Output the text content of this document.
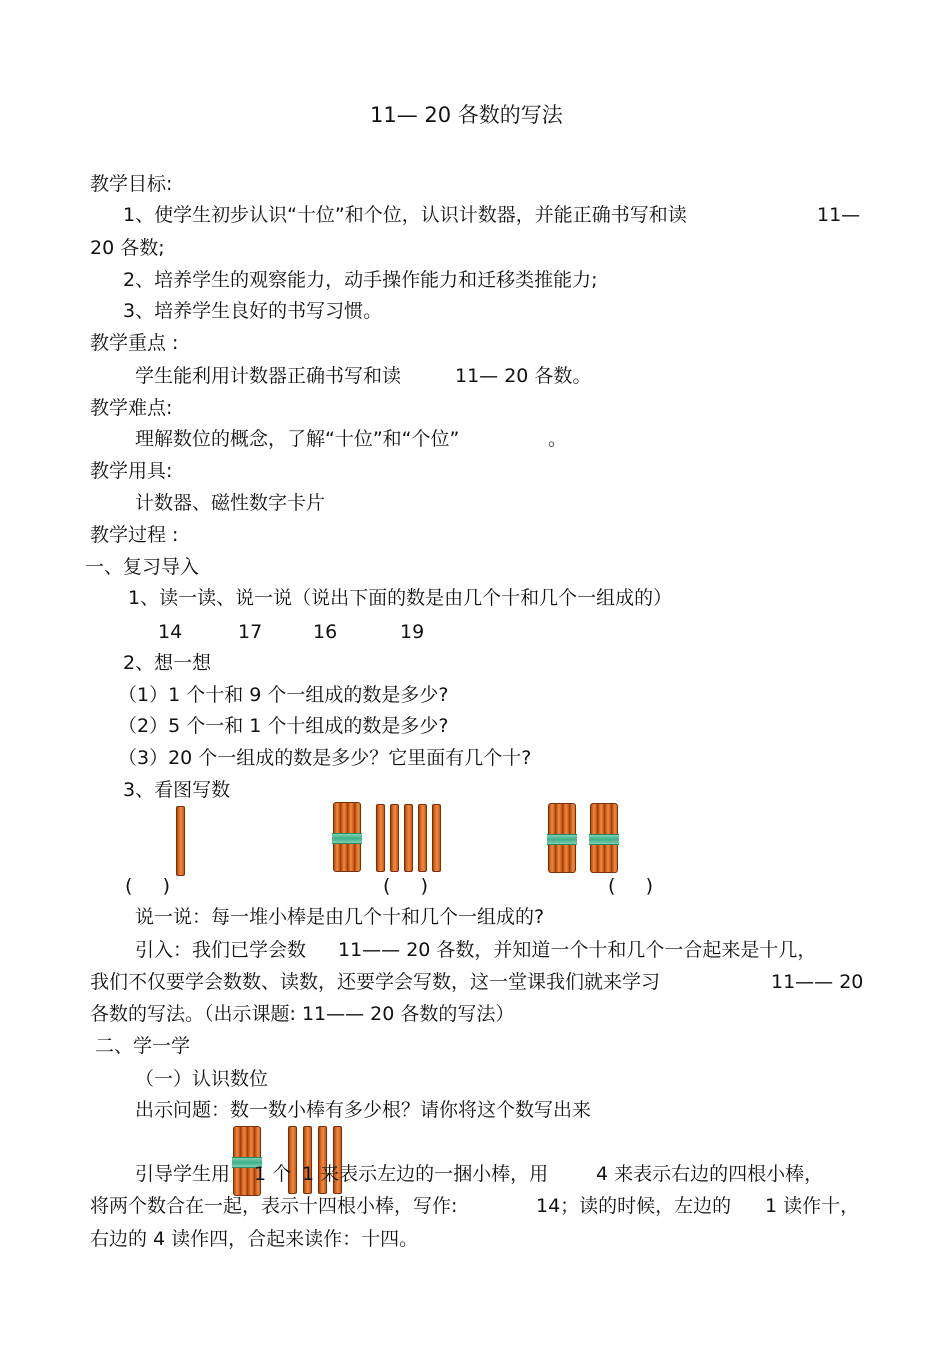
11— 20 各数的写法
教学目标:
1、使学生初步认识“十位”和个位，认识计数器，并能正确书写和读	11—
20 各数;
2、培养学生的观察能力，动手操作能力和迁移类推能力;
3、培养学生良好的书写习惯。
教学重点 :
学生能利用计数器正确书写和读	11— 20 各数。
教学难点:
理解数位的概念，了解“十位”和“个位”	。
教学用具:
计数器、磁性数字卡片
教学过程 :
一、复习导入
1、读一读、说一说（说出下面的数是由几个十和几个一组成的）
14	17	16	19
2、想一想
（1）1 个十和 9 个一组成的数是多少?
（2）5 个一和 1 个十组成的数是多少?
（3）20 个一组成的数是多少？它里面有几个十?
3、看图写数
(     )	(     )	(     )
说一说：每一堆小棒是由几个十和几个一组成的?
引入：我们已学会数 11—— 20 各数，并知道一个十和几个一合起来是十几，
我们不仅要学会数数、读数，还要学会写数，这一堂课我们就来学习	11—— 20
各数的写法。（出示课题: 11—— 20 各数的写法）
二、学一学
（一）认识数位
出示问题：数一数小棒有多少根？请你将这个数写出来
引导学生用 1 个 1 来表示左边的一捆小棒，用	4 来表示右边的四根小棒，
将两个数合在一起，表示十四根小棒，写作:	14；读的时候，左边的 1 读作十，
右边的 4 读作四，合起来读作：十四。
